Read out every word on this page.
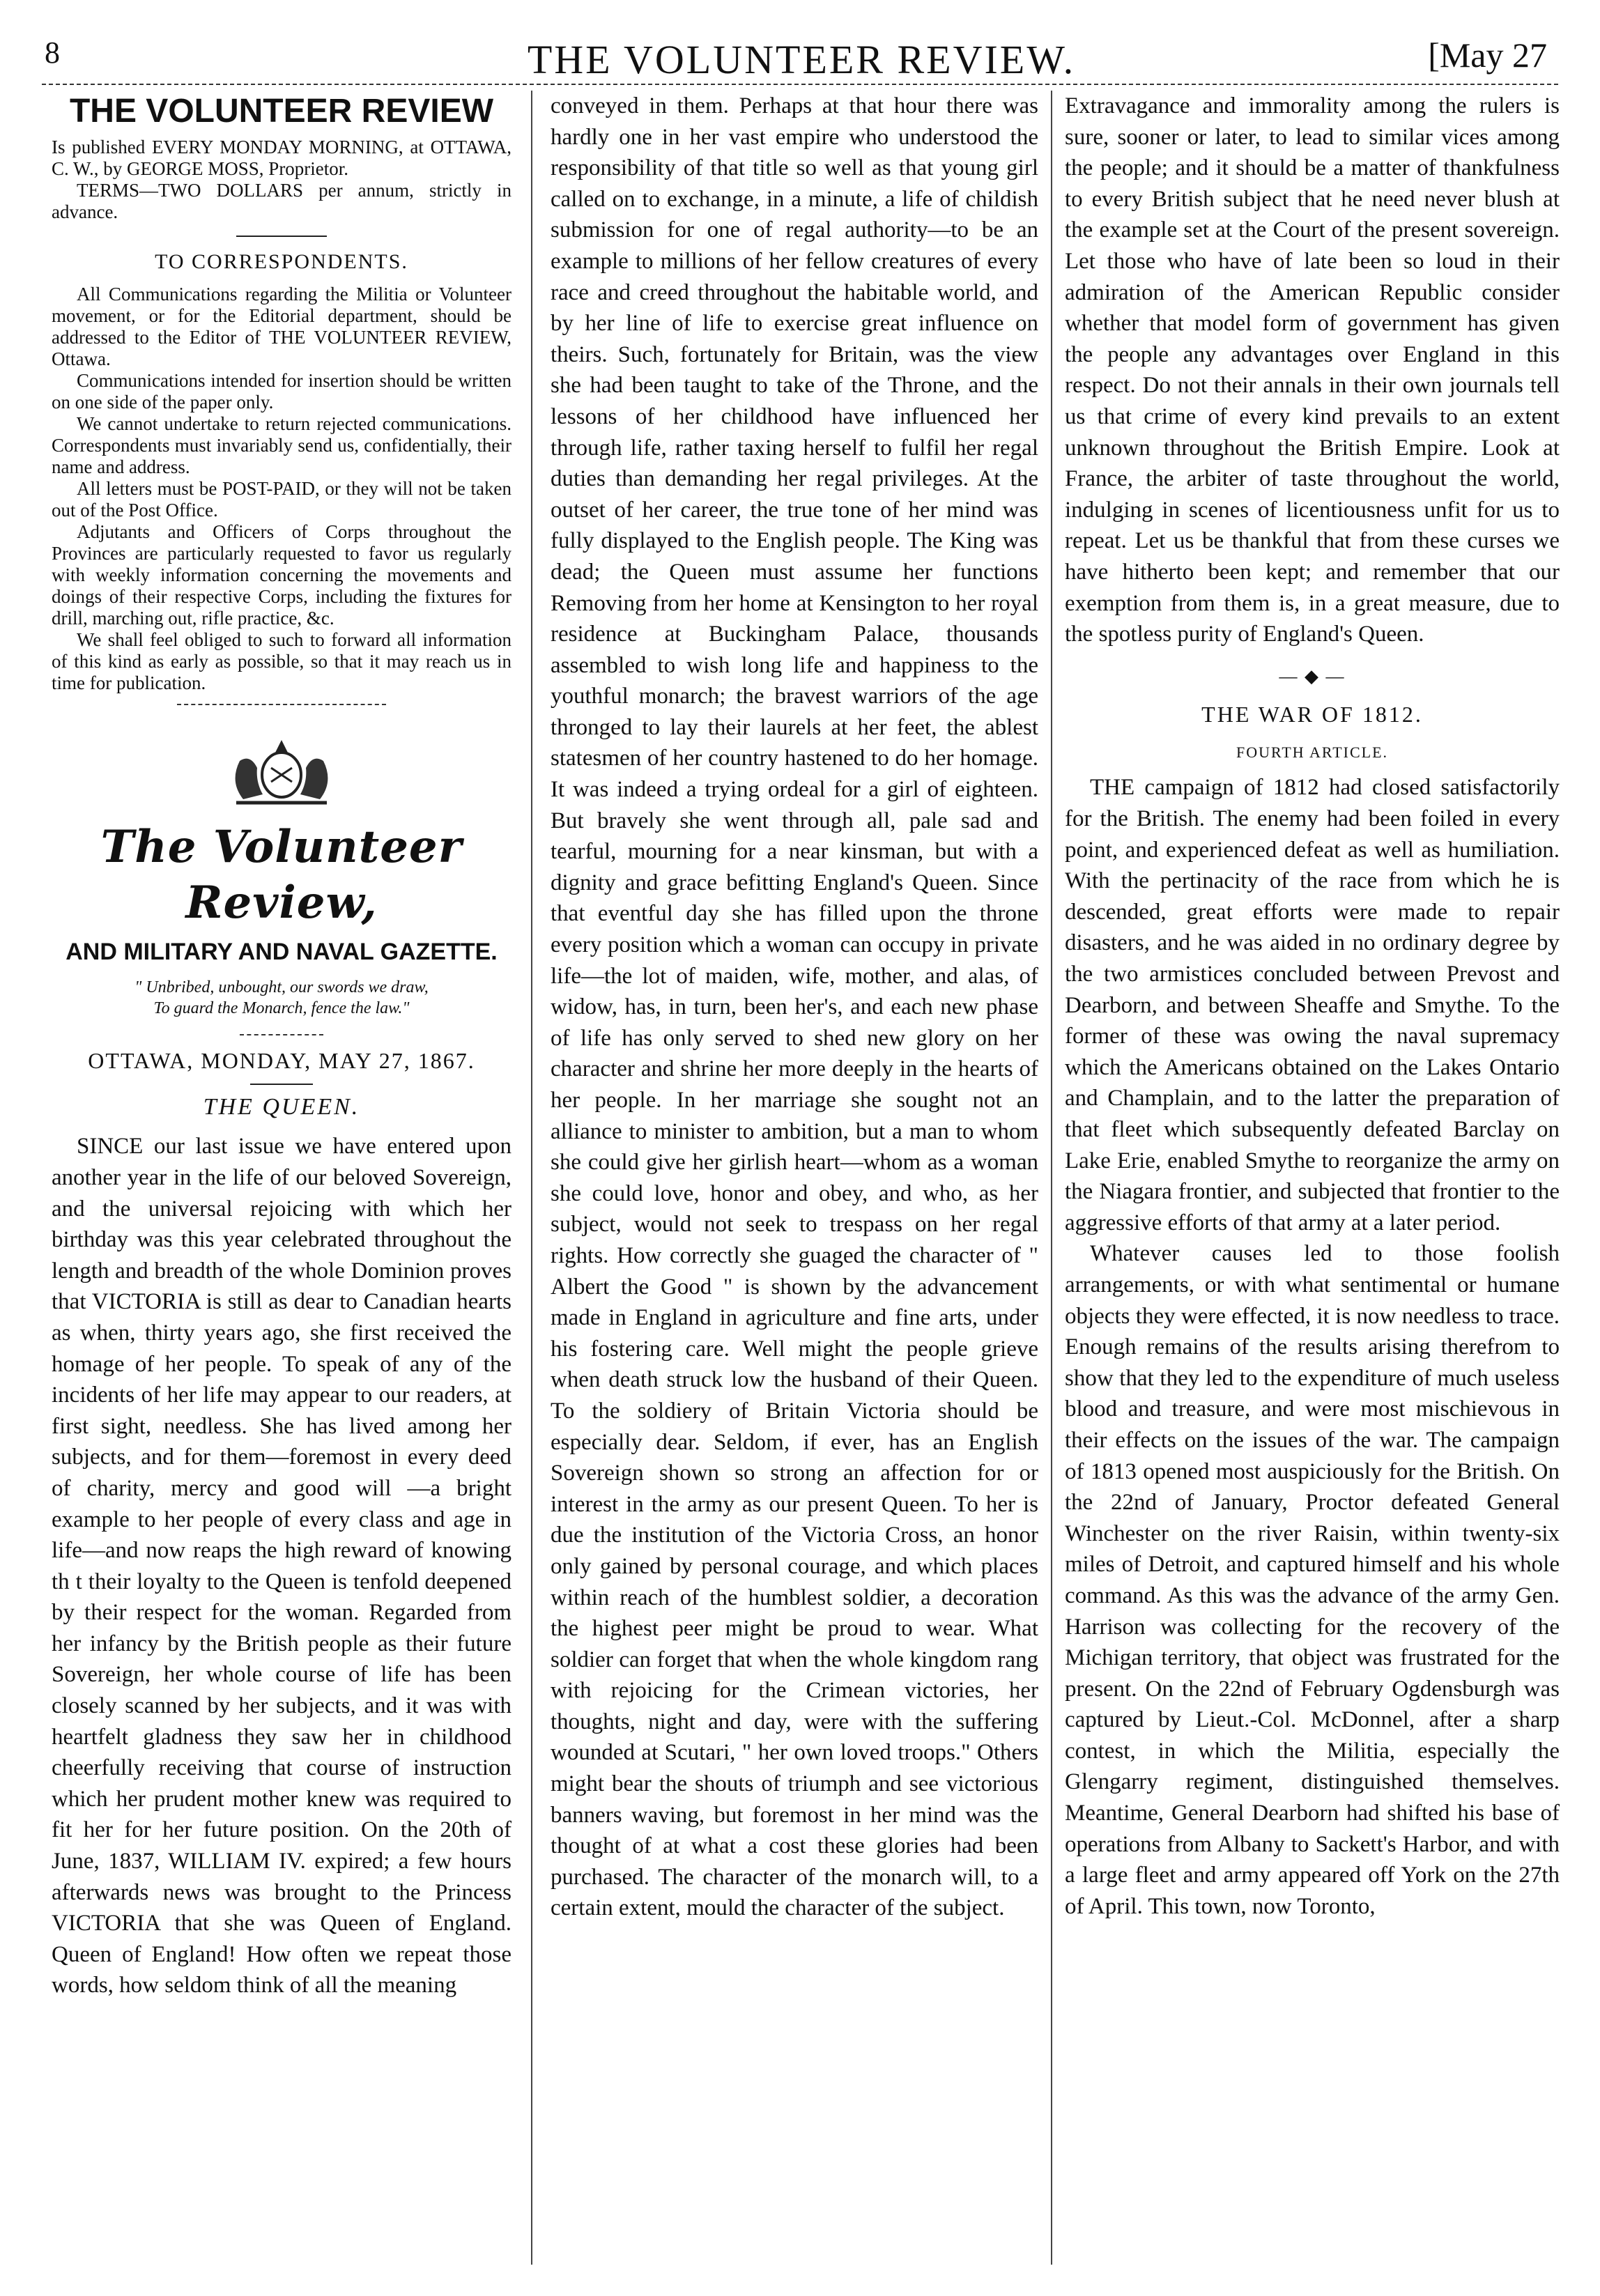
8	THE VOLUNTEER REVIEW.	[May 27
THE VOLUNTEER REVIEW

Is published EVERY MONDAY MORNING, at OTTAWA, C. W., by GEORGE MOSS, Proprietor.

TERMS—TWO DOLLARS per annum, strictly in advance.

TO CORRESPONDENTS.

All Communications regarding the Militia or Volunteer movement, or for the Editorial department, should be addressed to the Editor of THE VOLUNTEER REVIEW, Ottawa.

Communications intended for insertion should be written on one side of the paper only.

We cannot undertake to return rejected communications. Correspondents must invariably send us, confidentially, their name and address.

All letters must be POST-PAID, or they will not be taken out of the Post Office.

Adjutants and Officers of Corps throughout the Provinces are particularly requested to favor us regularly with weekly information concerning the movements and doings of their respective Corps, including the fixtures for drill, marching out, rifle practice, &c.

We shall feel obliged to such to forward all information of this kind as early as possible, so that it may reach us in time for publication.

The Volunteer Review,
AND MILITARY AND NAVAL GAZETTE.
" Unbribed, unbought, our swords we draw,
To guard the Monarch, fence the law."
OTTAWA, MONDAY, MAY 27, 1867.
THE QUEEN.

SINCE our last issue we have entered upon another year in the life of our beloved Sovereign, and the universal rejoicing with which her birthday was this year celebrated throughout the length and breadth of the whole Dominion proves that VICTORIA is still as dear to Canadian hearts as when, thirty years ago, she first received the homage of her people. To speak of any of the incidents of her life may appear to our readers, at first sight, needless. She has lived among her subjects, and for them—foremost in every deed of charity, mercy and good will —a bright example to her people of every class and age in life—and now reaps the high reward of knowing th t their loyalty to the Queen is tenfold deepened by their respect for the woman. Regarded from her infancy by the British people as their future Sovereign, her whole course of life has been closely scanned by her subjects, and it was with heartfelt gladness they saw her in childhood cheerfully receiving that course of instruction which her prudent mother knew was required to fit her for her future position. On the 20th of June, 1837, WILLIAM IV. expired; a few hours afterwards news was brought to the Princess VICTORIA that she was Queen of England. Queen of England! How often we repeat those words, how seldom think of all the meaning

conveyed in them. Perhaps at that hour there was hardly one in her vast empire who understood the responsibility of that title so well as that young girl called on to exchange, in a minute, a life of childish submission for one of regal authority—to be an example to millions of her fellow creatures of every race and creed throughout the habitable world, and by her line of life to exercise great influence on theirs. Such, fortunately for Britain, was the view she had been taught to take of the Throne, and the lessons of her childhood have influenced her through life, rather taxing herself to fulfil her regal duties than demanding her regal privileges. At the outset of her career, the true tone of her mind was fully displayed to the English people. The King was dead; the Queen must assume her functions Removing from her home at Kensington to her royal residence at Buckingham Palace, thousands assembled to wish long life and happiness to the youthful monarch; the bravest warriors of the age thronged to lay their laurels at her feet, the ablest statesmen of her country hastened to do her homage. It was indeed a trying ordeal for a girl of eighteen. But bravely she went through all, pale sad and tearful, mourning for a near kinsman, but with a dignity and grace befitting England's Queen. Since that eventful day she has filled upon the throne every position which a woman can occupy in private life—the lot of maiden, wife, mother, and alas, of widow, has, in turn, been her's, and each new phase of life has only served to shed new glory on her character and shrine her more deeply in the hearts of her people. In her marriage she sought not an alliance to minister to ambition, but a man to whom she could give her girlish heart—whom as a woman she could love, honor and obey, and who, as her subject, would not seek to trespass on her regal rights. How correctly she guaged the character of " Albert the Good " is shown by the advancement made in England in agriculture and fine arts, under his fostering care. Well might the people grieve when death struck low the husband of their Queen. To the soldiery of Britain Victoria should be especially dear. Seldom, if ever, has an English Sovereign shown so strong an affection for or interest in the army as our present Queen. To her is due the institution of the Victoria Cross, an honor only gained by personal courage, and which places within reach of the humblest soldier, a decoration the highest peer might be proud to wear. What soldier can forget that when the whole kingdom rang with rejoicing for the Crimean victories, her thoughts, night and day, were with the suffering wounded at Scutari, " her own loved troops." Others might bear the shouts of triumph and see victorious banners waving, but foremost in her mind was the thought of at what a cost these glories had been purchased. The character of the monarch will, to a certain extent, mould the character of the subject.

Extravagance and immorality among the rulers is sure, sooner or later, to lead to similar vices among the people; and it should be a matter of thankfulness to every British subject that he need never blush at the example set at the Court of the present sovereign. Let those who have of late been so loud in their admiration of the American Republic consider whether that model form of government has given the people any advantages over England in this respect. Do not their annals in their own journals tell us that crime of every kind prevails to an extent unknown throughout the British Empire. Look at France, the arbiter of taste throughout the world, indulging in scenes of licentiousness unfit for us to repeat. Let us be thankful that from these curses we have hitherto been kept; and remember that our exemption from them is, in a great measure, due to the spotless purity of England's Queen.

— ◆ —
THE WAR OF 1812.
FOURTH ARTICLE.

THE campaign of 1812 had closed satisfactorily for the British. The enemy had been foiled in every point, and experienced defeat as well as humiliation. With the pertinacity of the race from which he is descended, great efforts were made to repair disasters, and he was aided in no ordinary degree by the two armistices concluded between Prevost and Dearborn, and between Sheaffe and Smythe. To the former of these was owing the naval supremacy which the Americans obtained on the Lakes Ontario and Champlain, and to the latter the preparation of that fleet which subsequently defeated Barclay on Lake Erie, enabled Smythe to reorganize the army on the Niagara frontier, and subjected that frontier to the aggressive efforts of that army at a later period.

Whatever causes led to those foolish arrangements, or with what sentimental or humane objects they were effected, it is now needless to trace. Enough remains of the results arising therefrom to show that they led to the expenditure of much useless blood and treasure, and were most mischievous in their effects on the issues of the war. The campaign of 1813 opened most auspiciously for the British. On the 22nd of January, Proctor defeated General Winchester on the river Raisin, within twenty-six miles of Detroit, and captured himself and his whole command. As this was the advance of the army Gen. Harrison was collecting for the recovery of the Michigan territory, that object was frustrated for the present. On the 22nd of February Ogdensburgh was captured by Lieut.-Col. McDonnel, after a sharp contest, in which the Militia, especially the Glengarry regiment, distinguished themselves. Meantime, General Dearborn had shifted his base of operations from Albany to Sackett's Harbor, and with a large fleet and army appeared off York on the 27th of April. This town, now Toronto,
